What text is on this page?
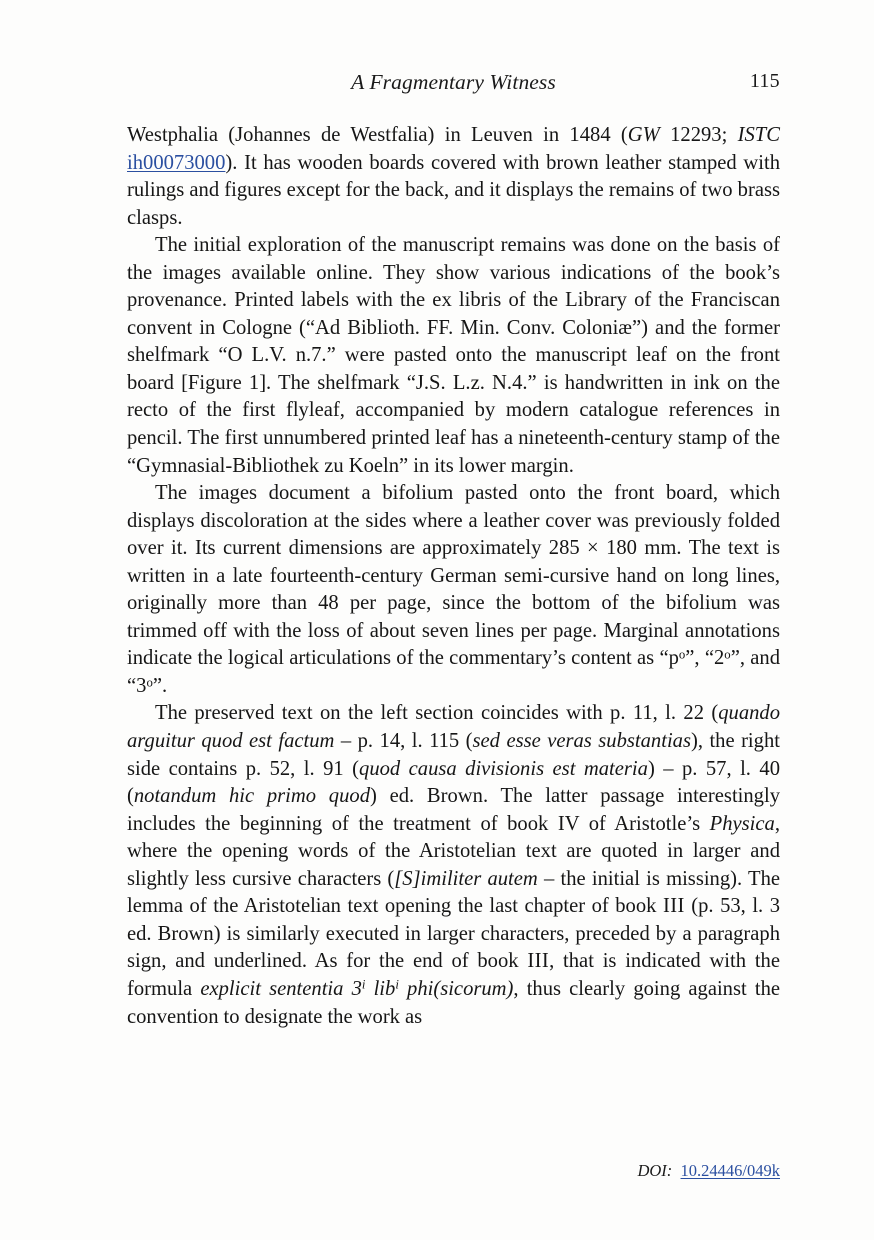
A Fragmentary Witness	115

Westphalia (Johannes de Westfalia) in Leuven in 1484 (GW 12293; ISTC ih00073000). It has wooden boards covered with brown leather stamped with rulings and figures except for the back, and it displays the remains of two brass clasps.

The initial exploration of the manuscript remains was done on the basis of the images available online. They show various indications of the book’s provenance. Printed labels with the ex libris of the Library of the Franciscan convent in Cologne (“Ad Biblioth. FF. Min. Conv. Coloniæ”) and the former shelfmark “O L.V. n.7.” were pasted onto the manuscript leaf on the front board [Figure 1]. The shelfmark “J.S. L.z. N.4.” is handwritten in ink on the recto of the first flyleaf, accompanied by modern catalogue references in pencil. The first unnumbered printed leaf has a nineteenth-century stamp of the “Gymnasial-Bibliothek zu Koeln” in its lower margin.

The images document a bifolium pasted onto the front board, which displays discoloration at the sides where a leather cover was previously folded over it. Its current dimensions are approximately 285 × 180 mm. The text is written in a late fourteenth-century German semi-cursive hand on long lines, originally more than 48 per page, since the bottom of the bifolium was trimmed off with the loss of about seven lines per page. Marginal annotations indicate the logical articulations of the commentary’s content as “$p^o$”, “2$^o$”, and “3$^o$”.

The preserved text on the left section coincides with p. 11, l. 22 (quando arguitur quod est factum – p. 14, l. 115 (sed esse veras substantias), the right side contains p. 52, l. 91 (quod causa divisionis est materia) – p. 57, l. 40 (notandum hic primo quod) ed. Brown. The latter passage interestingly includes the beginning of the treatment of book IV of Aristotle’s Physica, where the opening words of the Aristotelian text are quoted in larger and slightly less cursive characters ([S]imiliter autem – the initial is missing). The lemma of the Aristotelian text opening the last chapter of book III (p. 53, l. 3 ed. Brown) is similarly executed in larger characters, preceded by a paragraph sign, and underlined. As for the end of book III, that is indicated with the formula explicit sententia 3$^i$ lib$^i$ phi(sicorum), thus clearly going against the convention to designate the work as

DOI: 10.24446/049k
